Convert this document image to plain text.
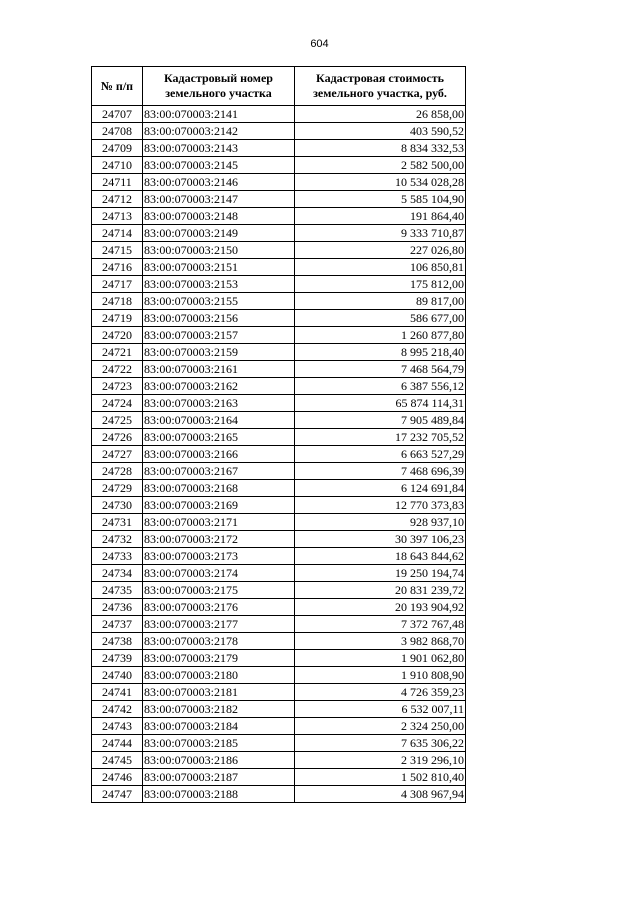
604
№ п/п	Кадастровый номер земельного участка	Кадастровая стоимость земельного участка, руб.
24707	83:00:070003:2141	26 858,00
24708	83:00:070003:2142	403 590,52
24709	83:00:070003:2143	8 834 332,53
24710	83:00:070003:2145	2 582 500,00
24711	83:00:070003:2146	10 534 028,28
24712	83:00:070003:2147	5 585 104,90
24713	83:00:070003:2148	191 864,40
24714	83:00:070003:2149	9 333 710,87
24715	83:00:070003:2150	227 026,80
24716	83:00:070003:2151	106 850,81
24717	83:00:070003:2153	175 812,00
24718	83:00:070003:2155	89 817,00
24719	83:00:070003:2156	586 677,00
24720	83:00:070003:2157	1 260 877,80
24721	83:00:070003:2159	8 995 218,40
24722	83:00:070003:2161	7 468 564,79
24723	83:00:070003:2162	6 387 556,12
24724	83:00:070003:2163	65 874 114,31
24725	83:00:070003:2164	7 905 489,84
24726	83:00:070003:2165	17 232 705,52
24727	83:00:070003:2166	6 663 527,29
24728	83:00:070003:2167	7 468 696,39
24729	83:00:070003:2168	6 124 691,84
24730	83:00:070003:2169	12 770 373,83
24731	83:00:070003:2171	928 937,10
24732	83:00:070003:2172	30 397 106,23
24733	83:00:070003:2173	18 643 844,62
24734	83:00:070003:2174	19 250 194,74
24735	83:00:070003:2175	20 831 239,72
24736	83:00:070003:2176	20 193 904,92
24737	83:00:070003:2177	7 372 767,48
24738	83:00:070003:2178	3 982 868,70
24739	83:00:070003:2179	1 901 062,80
24740	83:00:070003:2180	1 910 808,90
24741	83:00:070003:2181	4 726 359,23
24742	83:00:070003:2182	6 532 007,11
24743	83:00:070003:2184	2 324 250,00
24744	83:00:070003:2185	7 635 306,22
24745	83:00:070003:2186	2 319 296,10
24746	83:00:070003:2187	1 502 810,40
24747	83:00:070003:2188	4 308 967,94
